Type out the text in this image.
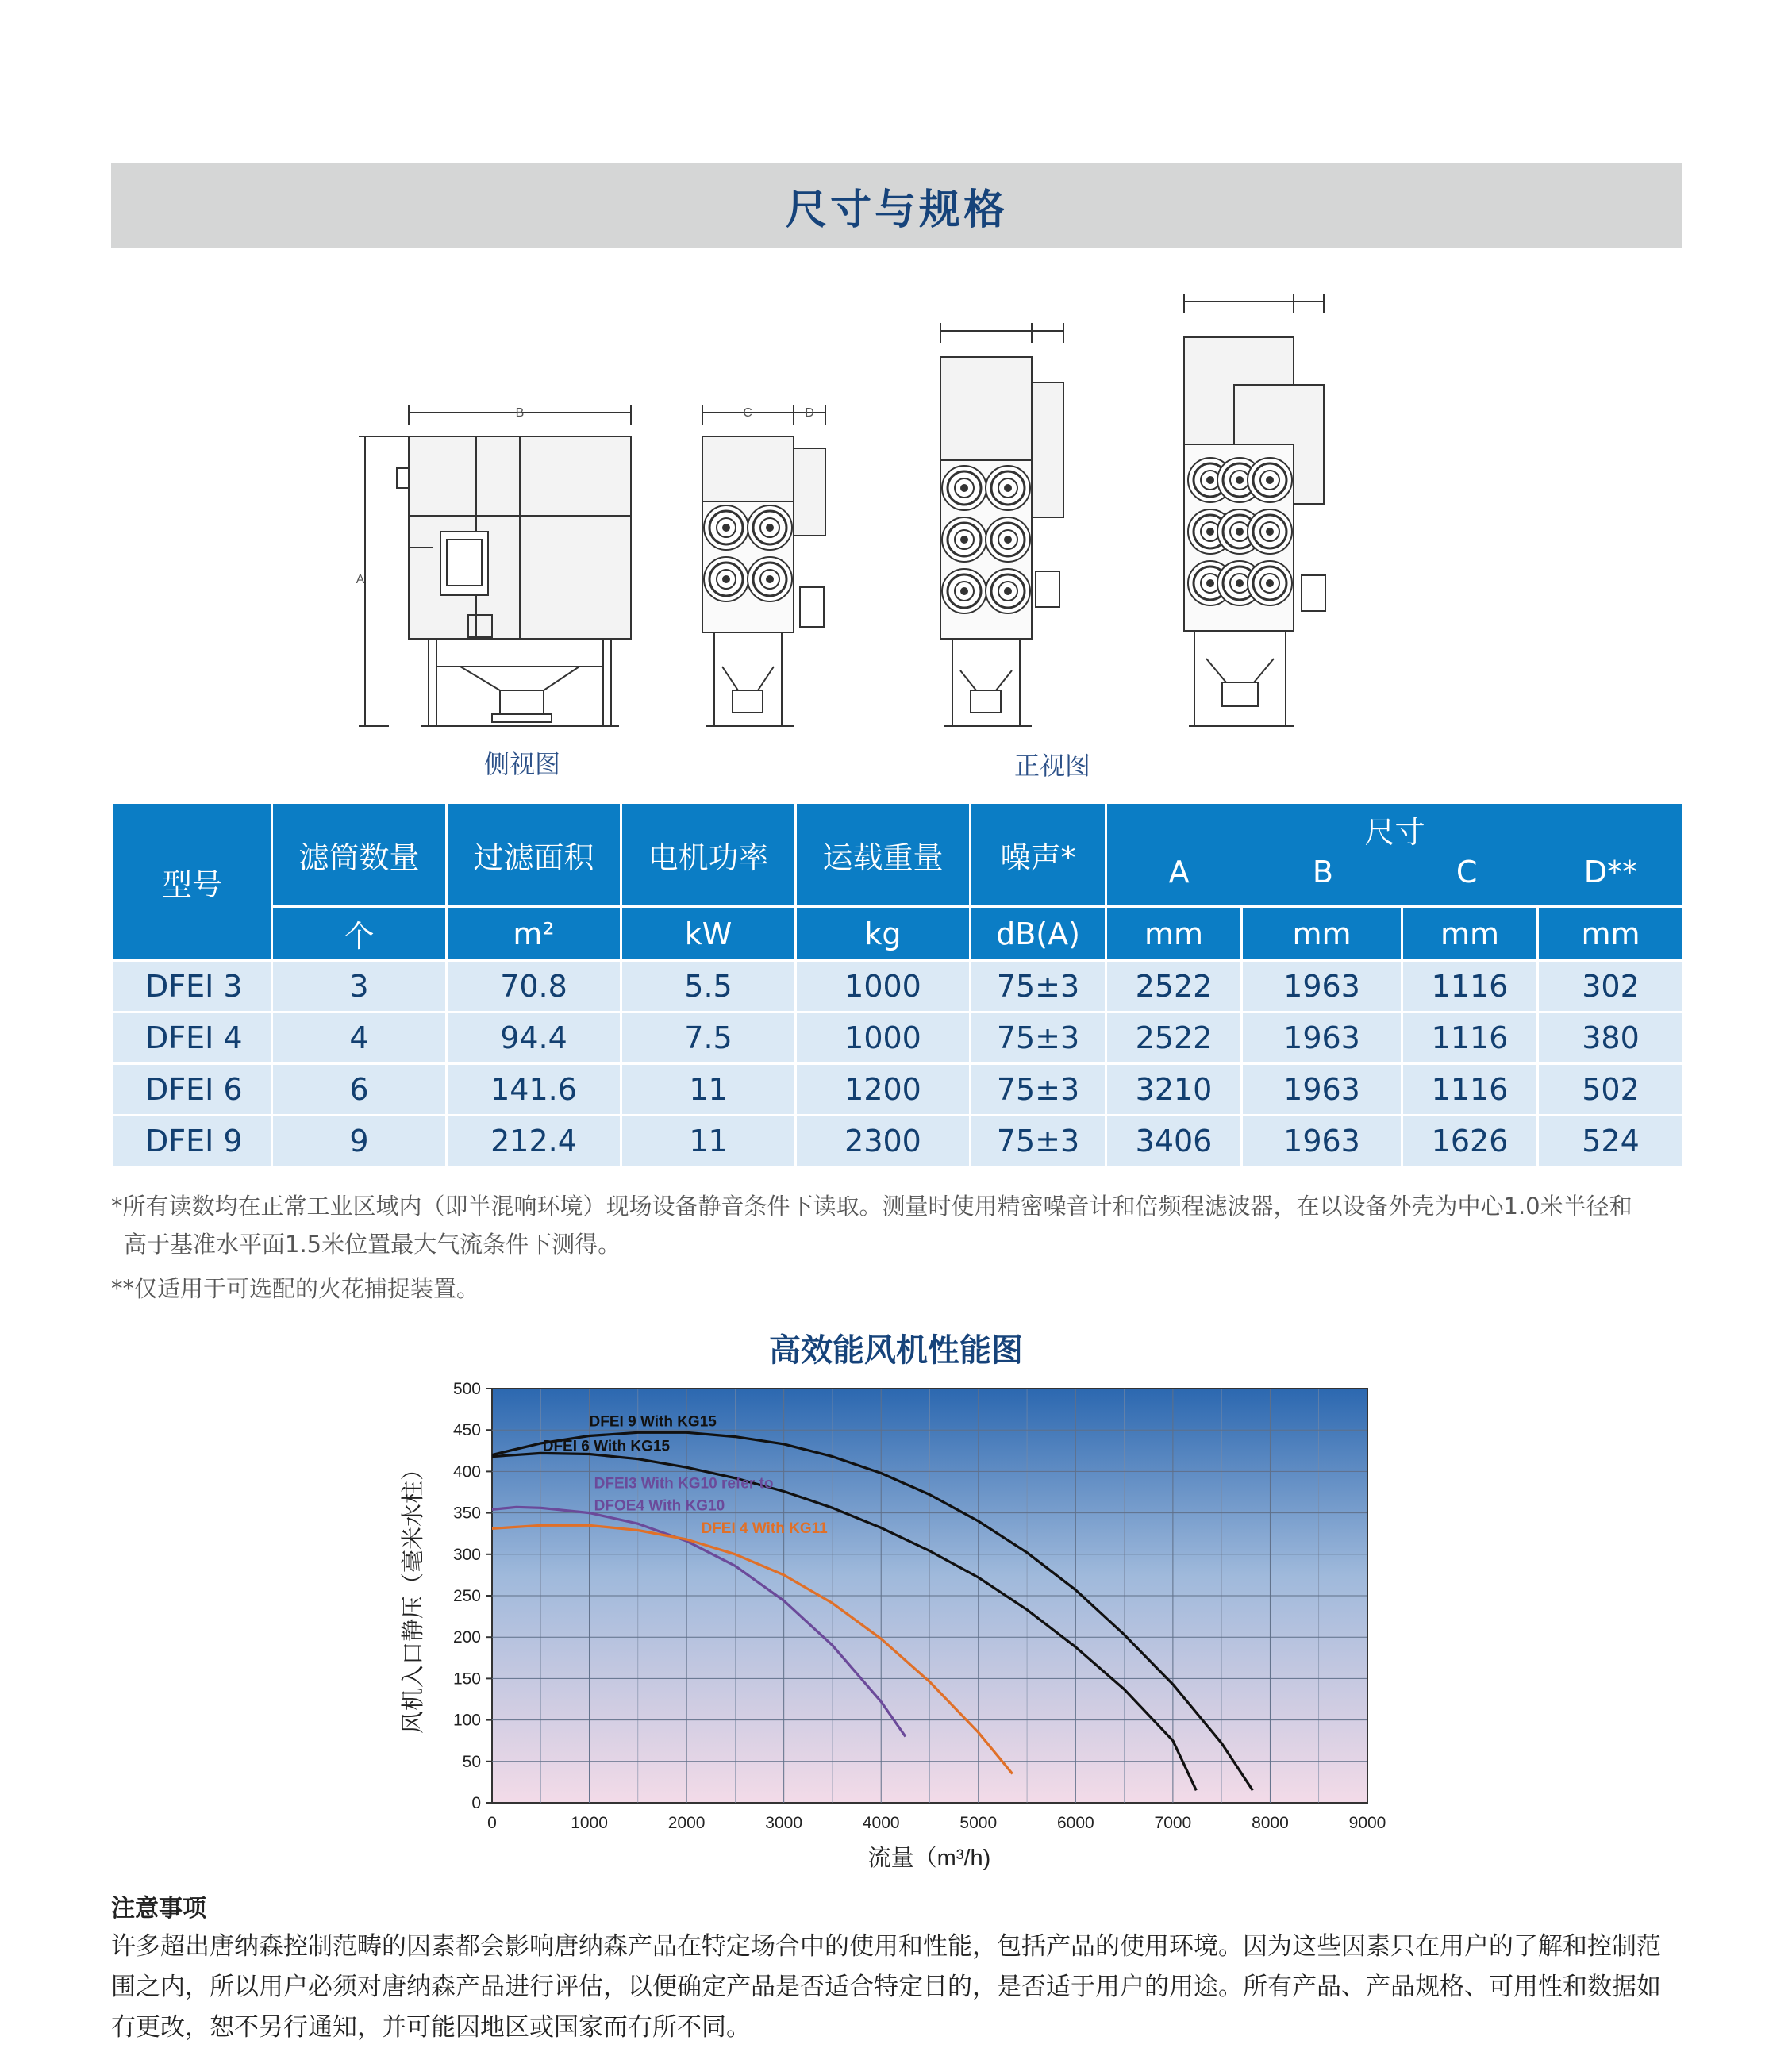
尺寸与规格
B
A
C	D
侧视图	正视图
型号	滤筒数量	过滤面积	电机功率	运载重量	噪声*	尺寸
A B C D**			

	个	m²	kW	kg	dB(A)	mm	mm	mm	mm
DFEI 3	3	70.8	5.5	1000	75±3	2522	1963	1116	302
DFEI 4	4	94.4	7.5	1000	75±3	2522	1963	1116	380
DFEI 6	6	141.6	11	1200	75±3	3210	1963	1116	502
DFEI 9	9	212.4	11	2300	75±3	3406	1963	1626	524
*所有读数均在正常工业区域内（即半混响环境）现场设备静音条件下读取。测量时使用精密噪音计和倍频程滤波器，在以设备外壳为中心1.0米半径和
高于基准水平面1.5米位置最大气流条件下测得。
**仅适用于可选配的火花捕捉装置。
高效能风机性能图
0	1000	2000	3000	4000	5000	6000	7000	8000	9000
0
50
100
150
200
250
300
350
400
450
500
DFEI 9 With KG15
DFEI 6 With KG15
DFEI3 With KG10 refer to DFOE4 With KG10
DFEI 4 With KG11
风机入口静压（毫米水柱）
流量（m³/h)
注意事项
许多超出唐纳森控制范畴的因素都会影响唐纳森产品在特定场合中的使用和性能，包括产品的使用环境。因为这些因素只在用户的了解和控制范围之内，所以用户必须对唐纳森产品进行评估，以便确定产品是否适合特定目的，是否适于用户的用途。所有产品、产品规格、可用性和数据如有更改，恕不另行通知，并可能因地区或国家而有所不同。
